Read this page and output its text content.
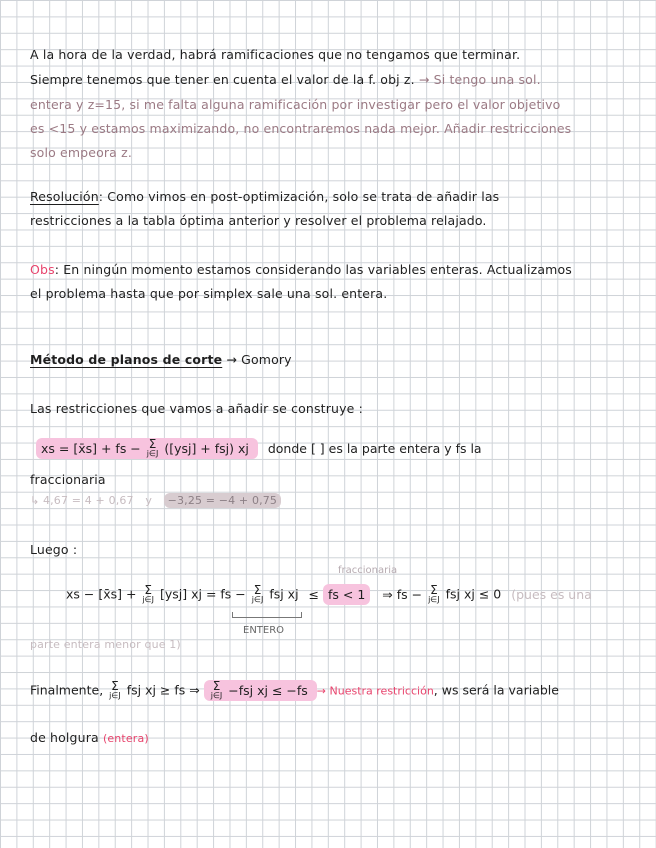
A la hora de la verdad, habrá ramificaciones que no tengamos que terminar.
Siempre tenemos que tener en cuenta el valor de la f. obj z. → Si tengo una sol.
entera y z=15, si me falta alguna ramificación por investigar pero el valor objetivo
es <15 y estamos maximizando, no encontraremos nada mejor. Añadir restricciones
solo empeora z.
Resolución: Como vimos en post-optimización, solo se trata de añadir las
restricciones a la tabla óptima anterior y resolver el problema relajado.
Obs: En ningún momento estamos considerando las variables enteras. Actualizamos
el problema hasta que por simplex sale una sol. entera.
Método de planos de corte → Gomory
Las restricciones que vamos a añadir se construye :
xs = [x̄s] + fs − Σ
j∈J ([ysj] + fsj) xj donde [ ] es la parte entera y fs la
fraccionaria
↳ 4,67 = 4 + 0,67 y −3,25 = −4 + 0,75
Luego :
fraccionaria
xs − [x̄s] + Σ
j∈J [ysj] xj = fs − Σ
j∈J fsj xj ≤ fs < 1 ⇒ fs − Σ
j∈J fsj xj ≤ 0 (pues es una
ENTERO
parte entera menor que 1)
Finalmente, Σ
j∈J fsj xj ≥ fs ⇒ Σ
j∈J −fsj xj ≤ −fs → Nuestra restricción, ws será la variable
de holgura (entera)
